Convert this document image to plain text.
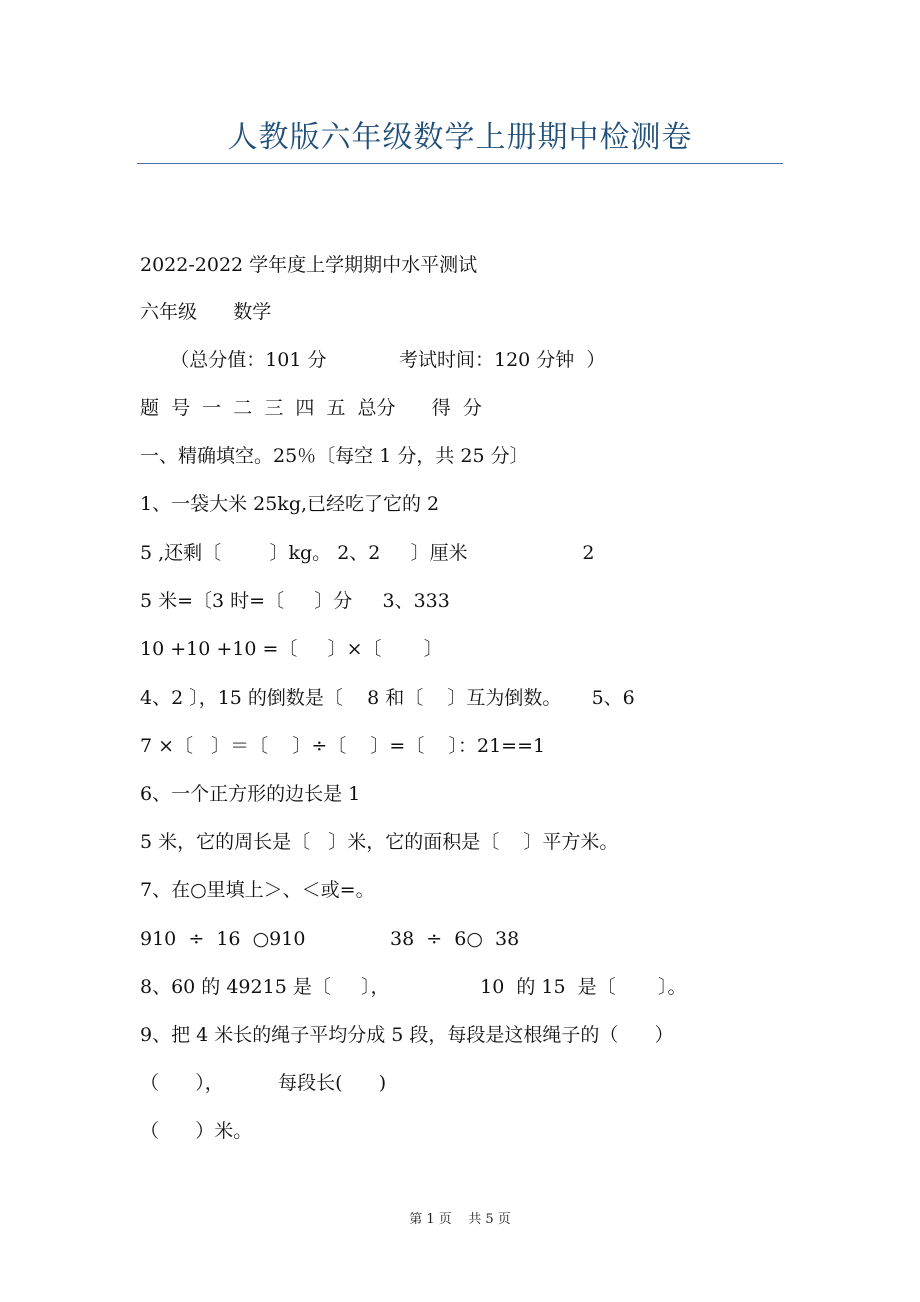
人教版六年级数学上册期中检测卷
2022-2022 学年度上学期期中水平测试
六年级      数学
（总分值：101 分            考试时间：120 分钟  ）
题  号  一  二  三  四  五  总分      得  分
一、精确填空。25％〔每空 1 分，共 25 分〕
1、一袋大米 25kg,已经吃了它的 2
5 ,还剩〔        〕kg。 2、2     〕厘米                   2
5 米=〔3 时=〔     〕分     3、333
10 +10 +10 =〔     〕×〔       〕
4、2 〕，15 的倒数是〔    8 和〔    〕互为倒数。     5、6
7 ×〔   〕＝〔    〕÷〔    〕=〔    〕：21==1
6、一个正方形的边长是 1
5 米，它的周长是〔   〕米，它的面积是〔    〕平方米。
7、在○里填上＞、＜或=。
910  ÷  16  ○910              38  ÷  6○  38
8、60 的 49215 是〔     〕，               10  的 15  是〔       〕。
9、把 4 米长的绳子平均分成 5 段，每段是这根绳子的（      ）
（      ），         每段长(      )
（      ）米。
第 1 页    共 5 页
